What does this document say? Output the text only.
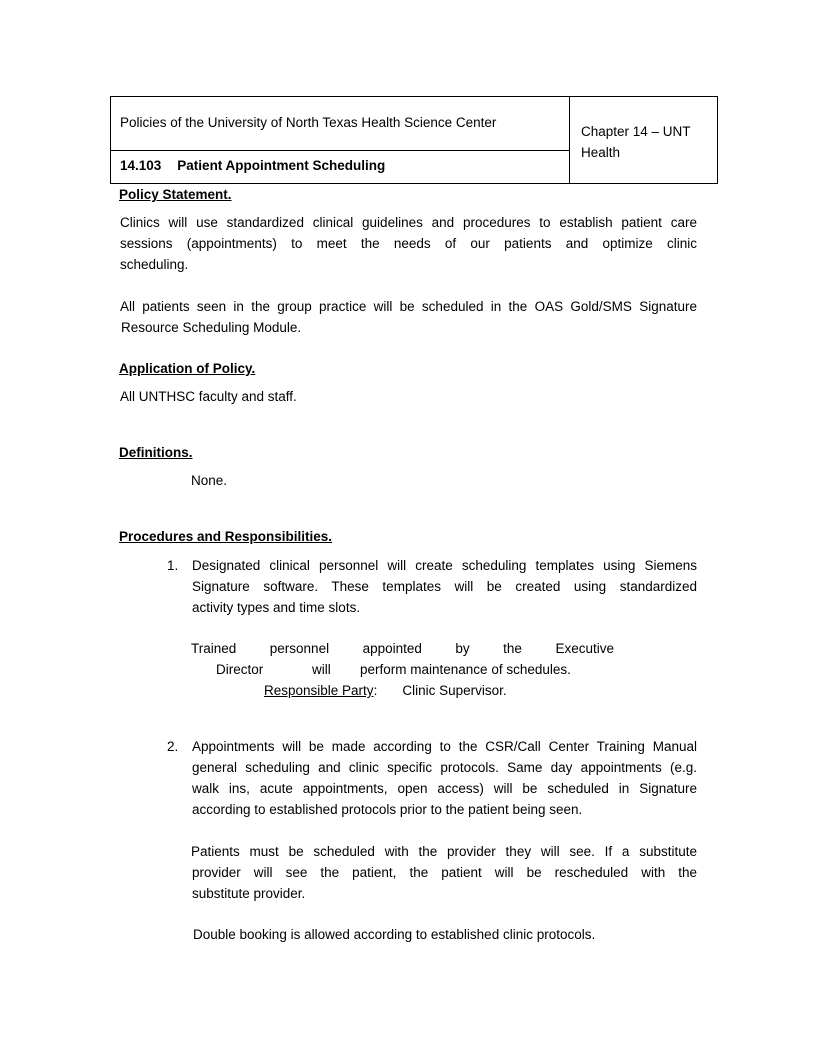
Policies of the University of North Texas Health Science Center
14.103 Patient Appointment Scheduling
Chapter 14 – UNT
Health
Policy Statement.
Clinics will use standardized clinical guidelines and procedures to establish patient care
sessions (appointments) to meet the needs of our patients and optimize clinic
scheduling.
All patients seen in the group practice will be scheduled in the OAS Gold/SMS Signature
Resource Scheduling Module.
Application of Policy.
All UNTHSC faculty and staff.
Definitions.
None.
Procedures and Responsibilities.
1. Designated clinical personnel will create scheduling templates using Siemens
Signature software. These templates will be created using standardized
activity types and time slots.
Trained personnel appointed by the Executive
Director	will perform maintenance of schedules.
Responsible Party: Clinic Supervisor.
2. Appointments will be made according to the CSR/Call Center Training Manual
general scheduling and clinic specific protocols. Same day appointments (e.g.
walk ins, acute appointments, open access) will be scheduled in Signature
according to established protocols prior to the patient being seen.
Patients must be scheduled with the provider they will see. If a substitute
provider will see the patient, the patient will be rescheduled with the
substitute provider.
Double booking is allowed according to established clinic protocols.
